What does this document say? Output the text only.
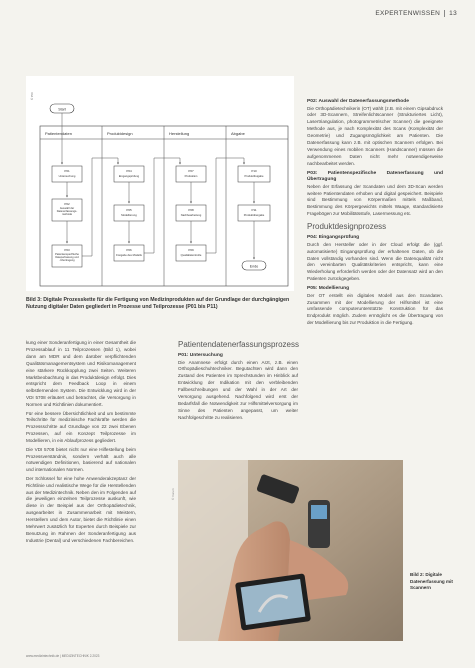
EXPERTENWISSEN 13
© PIX
Patientendaten	Produktdesign	Herstellung	Abgabe
Start
P01
Untersuchung
P02
Auswahl der Datenerfassungs-methode
P03
Patientenspezifische Datenerfassung und -Übertragung
P04
Eingangsprüfung
P05
Modellierung
P06
Freigabe des Modells
P07
Produktion
P08
Nachbearbeitung
P09
Qualitätskontrolle
P10
Produktfreigabe
P11
Produktübergabe
Ende
Bild 3: Digitale Prozesskette für die Fertigung von Medizinprodukten auf der Grundlage der durchgängigen Nutzung digitaler Daten gegliedert in Prozesse und Teilprozesse (P01 bis P11)

kung einer Sonderanfertigung in einer Gesamtheit die Prozessablauf in 11 Teilprozessen (Bild 1), wobei dann am MDR und dem darüber verpflichtenden Qualitätsmanagementsystem und Risikomanagement eine stärkere Rückkopplung zwei Seiten. Weiteren Marktbeobachtung in das Produktdesign erfolgt. Dies entspricht dem Feedback Loop in einem selbstlernenden System. Die Entwicklung wird in der VDI 5708 erläutert und betrachtet, die Versorgung in Normen und Richtlinien dokumentiert.

Für eine bessere Übersichtlichkeit und um bestimmte Teilschritte für medizinische Fachkräfte werden die Prozessschritte auf Grundlage von 22 zwei Ebenen Prozessen, auf ein Konzept Teilprozesse im Modellieren, in ein Ablaufprozess gegliedert.

Die VDI 5708 bietet nicht nur eine Hilfestellung beim Prozessverständnis, sondern verhält auch alle notwendigen Definitionen, basierend auf nationalen und internationalen Normen.

Der Schlüssel für eine hohe Anwenderakzeptanz der Richtlinie und realistische Wege für die Herstellenden aus der Medizintechnik. Neben den im Folgenden auf die jeweiligen einzelnen Teilprozesse auskunft, wie diese in der Beispiel aus der Orthopädietechnik, ausgearbeitet in Zusammenarbeit mit Meistern, Herstellern und dem Autor, bietet die Richtlinie einen Mehrwert zusätzlich für Experten durch Beispiele zur Benutzung im Rahmen der Sonderanfertigung aus Industrie (Dental) und verschiedenen Fachbereichen.

Patientendatenerfassungsprozess
P01: Untersuchung

Die Anamnese erfolgt durch einen Arzt, z.B. einen Orthopädieschuhtechniker. Begutachten wird dann den Zustand des Patienten im Sprechstunden im Hinblick auf Entwicklung der Indikation mit den verbleibenden Fallbeschreibungen und der Wahl in der Art der Versorgung ausgehend. Nachfolgend wird erst der Bedarfsfall die Notwendigkeit zur Hilfsmittelversorgung im Sinne des Patienten angepasst, um weiter Nachfolgeschritte zu realisieren.

P02: Auswahl der Datenerfassungsmethode

Die Orthopädietechnikerin (OT) wählt (z.B. mit einem Gipsabdruck oder 3D-Scannern, Streifenlichtscanner (Strukturiertes Licht), Lasertriangulation, photogrammetrischer Scanner) die geeignete Methode aus, je nach Komplexität des Scans (Komplexität der Geometrie) und Zugangsmöglichkeit am Patienten. Die Datenerfassung kann z.B. mit optischen Scannern erfolgen. Bei Verwendung eines mobilen Scanners (Handscanner) müssen die aufgenommenen Daten nicht mehr notwendigerweise nachbearbeitet werden.

P03: Patientenspezifische Datenerfassung und Übertragung

Neben der Erfassung der Scandaten und dem 3D-Scan werden weitere Patientendaten erhoben und digital gespeichert. Beispiele sind Bestimmung von Körpermaßen mittels Maßband, Bestimmung des Körpergewichts mittels Waage, standardisierte Fragebögen zur Mobilitätsstufe, Lasermessung etc.

Produktdesignprozess
P04: Eingangsprüfung

Durch den Hersteller oder in der Cloud erfolgt die (ggf. automatisierte) Eingangsprüfung der erhaltenen Daten, ob die Daten vollständig vorhanden sind. Wenn die Datenqualität nicht den vereinbarten Qualitätskriterien entspricht, kann eine Wiederholung erforderlich werden oder der Datensatz wird an den Patienten zurückgegeben.

P05: Modellierung

Der OT erstellt ein digitales Modell aus den Scandaten. Zusammen mit der Modellierung der Hilfsmittel ist eine umfassende computerunterstützte Konstruktion für das Endprodukt möglich. Zudem ermöglicht es die Übertragung von der Modellierung bis zur Produktion in die Fertigung.

© Vorum
Bild 2: Digitale Datenerfassung mit Scannern
www.medizintechnik.de | MEDIZINTECHNIK 2.2023
